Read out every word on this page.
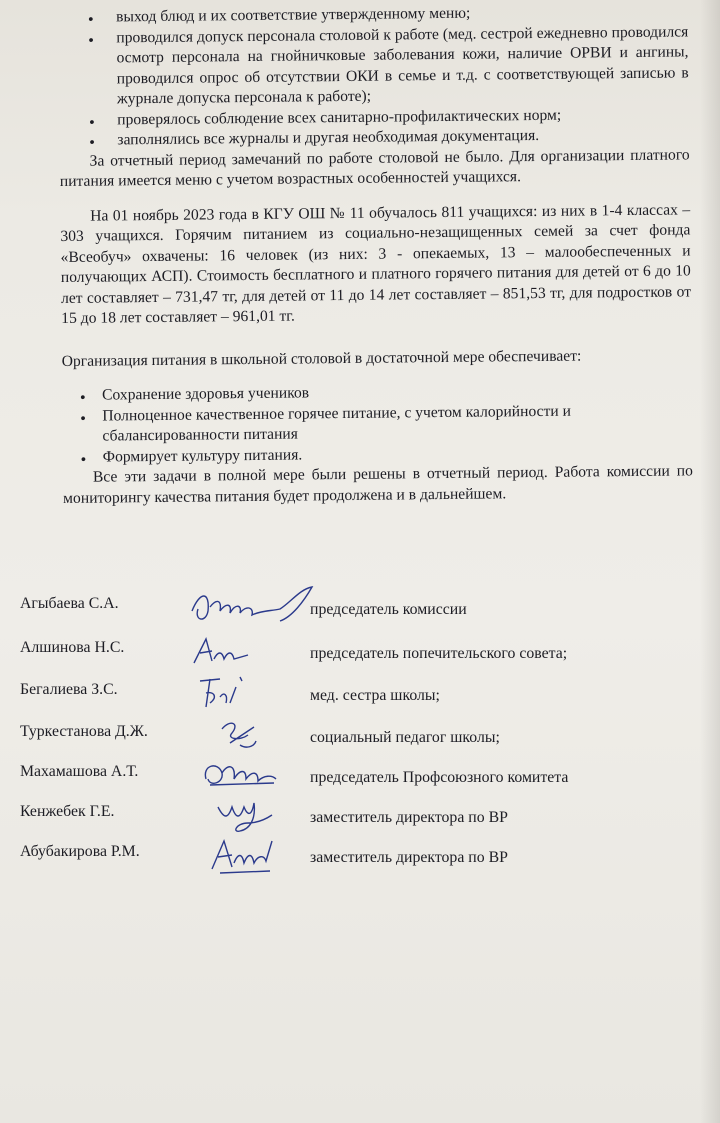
● выход блюд и их соответствие утвержденному меню;
● проводился допуск персонала столовой к работе (мед. сестрой ежедневно проводился осмотр персонала на гнойничковые заболевания кожи, наличие ОРВИ и ангины, проводился опрос об отсутствии ОКИ в семье и т.д. с соответствующей записью в журнале допуска персонала к работе);
● проверялось соблюдение всех санитарно-профилактических норм;
● заполнялись все журналы и другая необходимая документация.

За отчетный период замечаний по работе столовой не было. Для организации платного питания имеется меню с учетом возрастных особенностей учащихся.

На 01 ноябрь 2023 года в КГУ ОШ № 11 обучалось 811 учащихся: из них в 1-4 классах – 303 учащихся. Горячим питанием из социально-незащищенных семей за счет фонда «Всеобуч» охвачены: 16 человек (из них: 3 - опекаемых, 13 – малообеспеченных и получающих АСП). Стоимость бесплатного и платного горячего питания для детей от 6 до 10 лет составляет – 731,47 тг, для детей от 11 до 14 лет составляет – 851,53 тг, для подростков от 15 до 18 лет составляет – 961,01 тг.

Организация питания в школьной столовой в достаточной мере обеспечивает:

● Сохранение здоровья учеников
● Полноценное качественное горячее питание, с учетом калорийности и сбалансированности питания
● Формирует культуру питания.

Все эти задачи в полной мере были решены в отчетный период. Работа комиссии по мониторингу качества питания будет продолжена и в дальнейшем.

Агыбаева С.А.	председатель комиссии
Алшинова Н.С.	председатель попечительского совета;
Бегалиева З.С.	мед. сестра школы;
Туркестанова Д.Ж.	социальный педагог школы;
Махамашова А.Т.	председатель Профсоюзного комитета
Кенжебек Г.Е.	заместитель директора по ВР
Абубакирова Р.М.	заместитель директора по ВР
